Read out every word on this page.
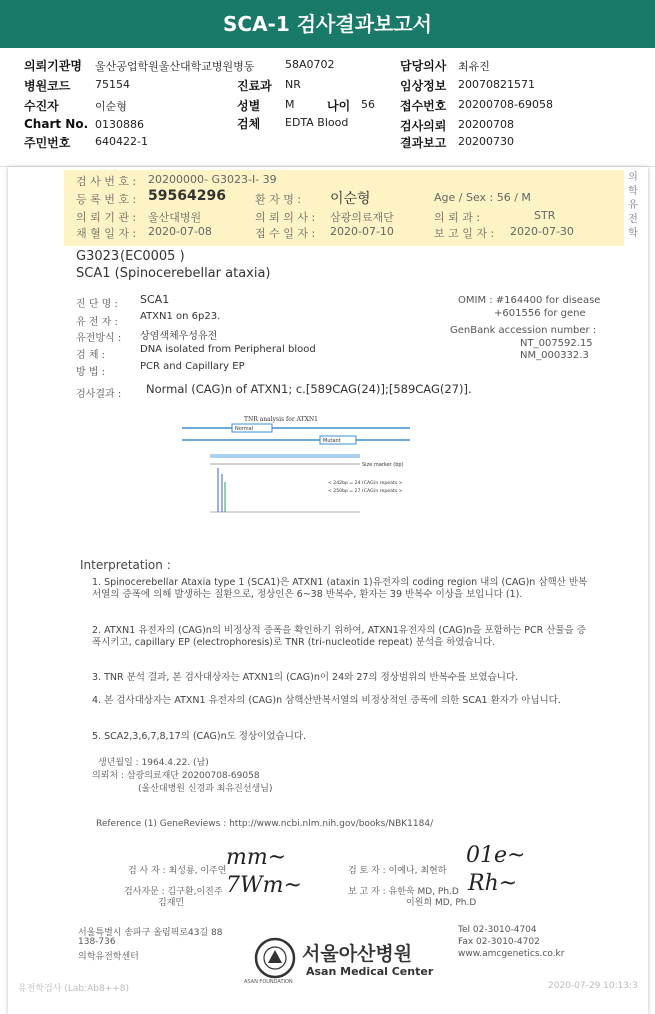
SCA-1 검사결과보고서
의뢰기관명 울산공업학원울산대학교병원병동	58A0702	담당의사 최유진
병원코드 75154	진료과 NR	임상정보 20070821571
수진자	이순형	성별 M	나이 56 접수번호 20200708-69058
Chart No. 0130886	검체 EDTA Blood	검사의뢰 20200708
주민번호 640422-1	결과보고 20200730
의
학
유
전
학
검 사 번 호 : 20200000- G3023-I- 39
등 록 번 호 : 59564296	환 자 명 : 이순형	Age / Sex : 56 / M
의 뢰 기 관 : 울산대병원	의 뢰 의 사 : 삼광의료재단	의 뢰 과 :	STR
채 혈 일 자 : 2020-07-08	접 수 일 자 : 2020-07-10	보 고 일 자 : 2020-07-30
G3023 (EC0005 )
SCA1 (Spinocerebellar ataxia)
진 단 명 : SCA1
유 전 자 :
ATXN1 on 6p23.
유전방식 : 상염색체우성유전
검 체 :
DNA isolated from Peripheral blood
방 법 :
PCR and Capillary EP
OMIM : #164400 for disease
+601556 for gene
GenBank accession number :
NT_007592.15
NM_000332.3
검사결과 : Normal (CAG)n of ATXN1; c.[589CAG(24)];[589CAG(27)].
TNR analysis for ATXN1
Normal
Mutant
Size marker (bp)
< 242bp = 24 (CAG)n repeats >
< 250bp = 27 (CAG)n repeats >
Interpretation :
1. Spinocerebellar Ataxia type 1 (SCA1)은 ATXN1 (ataxin 1)유전자의 coding region 내의 (CAG)n 삼핵산 반복서열의 증폭에 의해 발생하는 질환으로, 정상인은 6~38 반복수, 환자는 39 반복수 이상을 보입니다 (1).
2. ATXN1 유전자의 (CAG)n의 비정상적 증폭을 확인하기 위하여, ATXN1유전자의 (CAG)n을 포함하는 PCR 산물을 증폭시키고, capillary EP (electrophoresis)로 TNR (tri-nucleotide repeat) 분석을 하였습니다.
3. TNR 분석 결과, 본 검사대상자는 ATXN1의 (CAG)n이 24와 27의 정상범위의 반복수를 보였습니다.
4. 본 검사대상자는 ATXN1 유전자의 (CAG)n 삼핵산반복서열의 비정상적인 증폭에 의한 SCA1 환자가 아닙니다.
5. SCA2,3,6,7,8,17의 (CAG)n도 정상이었습니다.
생년월일 : 1964.4.22. (남)
의뢰처 : 삼광의료재단 20200708-69058
(울산대병원 신경과 최유진선생님)
Reference (1) GeneReviews : http://www.ncbi.nlm.nih.gov/books/NBK1184/
검 사 자 : 최성룡, 이주연
mm~
검 토 자 : 이예나, 최현하
01e~
검사자문 : 김구환,이진주
김재민
7Wm~	보 고 자 : 유한욱 MD, Ph.D
이원희 MD, Ph.D
Rh~
서울특별시 송파구 올림픽로43길 88
138-736
의학유전학센터
ASAN FOUNDATION
서울아산병원
Asan Medical Center
Tel 02-3010-4704
Fax 02-3010-4702
www.amcgenetics.co.kr
유전학검사 (Lab:Ab8++8)	2020-07-29 10:13:3
